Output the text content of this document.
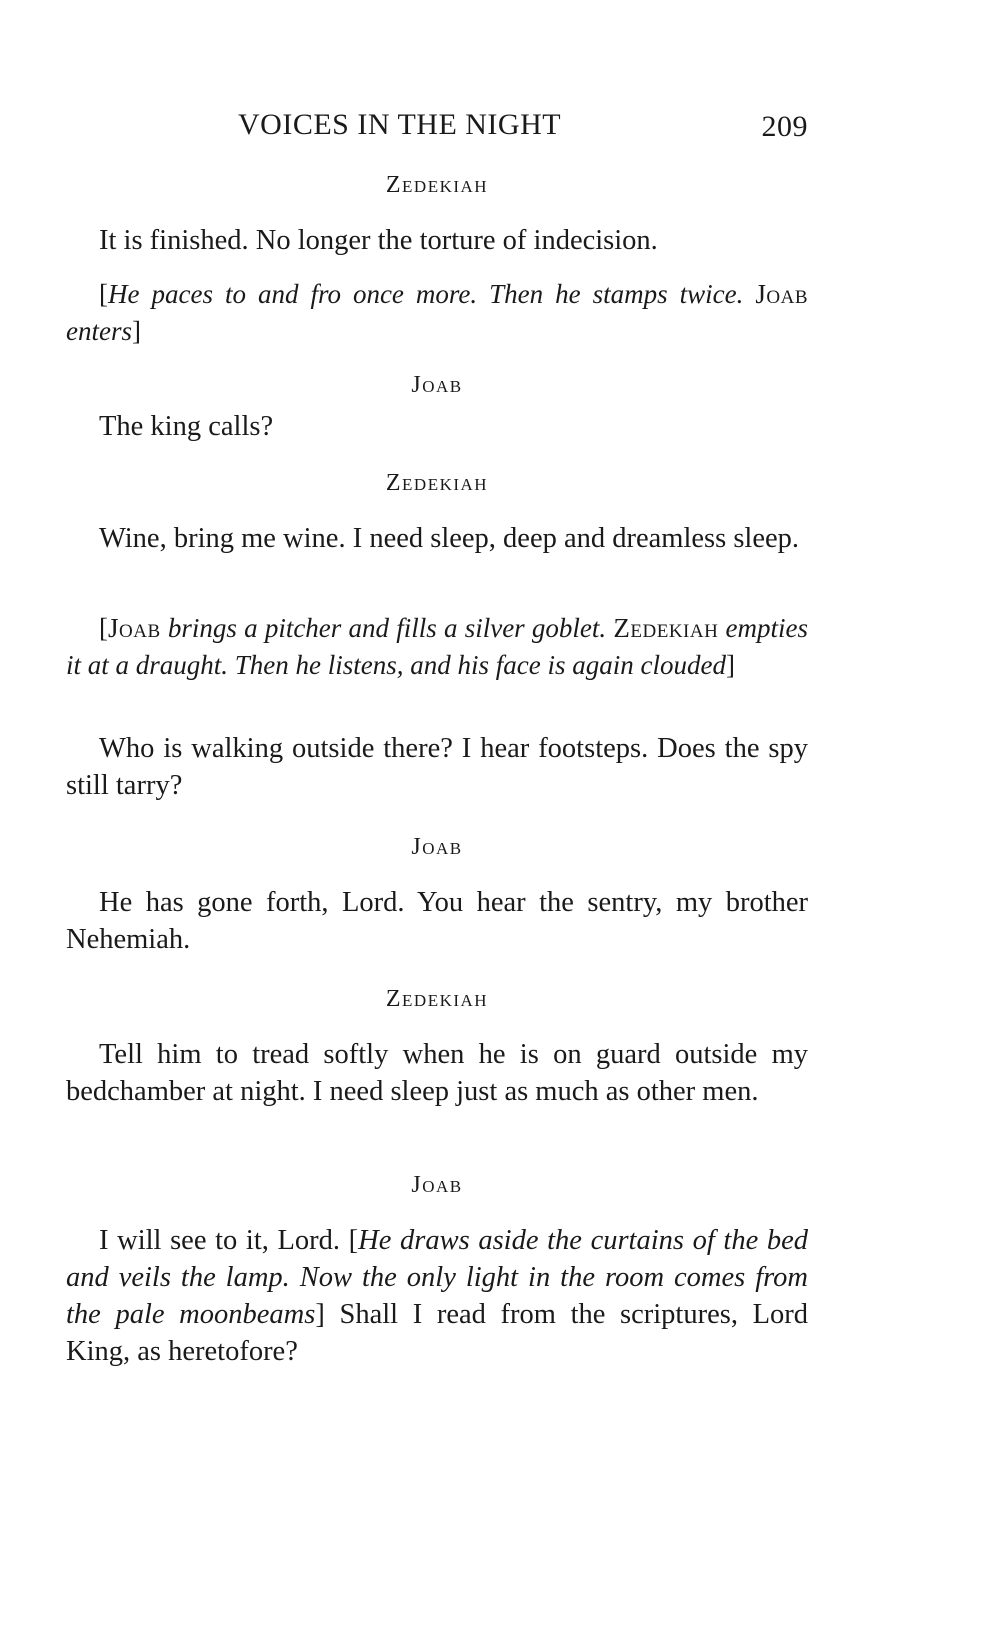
VOICES IN THE NIGHT	209
Zedekiah
It is finished. No longer the torture of indecision.
[He paces to and fro once more. Then he stamps twice. Joab enters]
Joab
The king calls?
Zedekiah
Wine, bring me wine. I need sleep, deep and dreamless sleep.
[Joab brings a pitcher and fills a silver goblet. Zedekiah empties it at a draught. Then he listens, and his face is again clouded]
Who is walking outside there? I hear footsteps. Does the spy still tarry?
Joab
He has gone forth, Lord. You hear the sentry, my brother Nehemiah.
Zedekiah
Tell him to tread softly when he is on guard outside my bedchamber at night. I need sleep just as much as other men.
Joab
I will see to it, Lord. [He draws aside the curtains of the bed and veils the lamp. Now the only light in the room comes from the pale moonbeams] Shall I read from the scriptures, Lord King, as heretofore?
